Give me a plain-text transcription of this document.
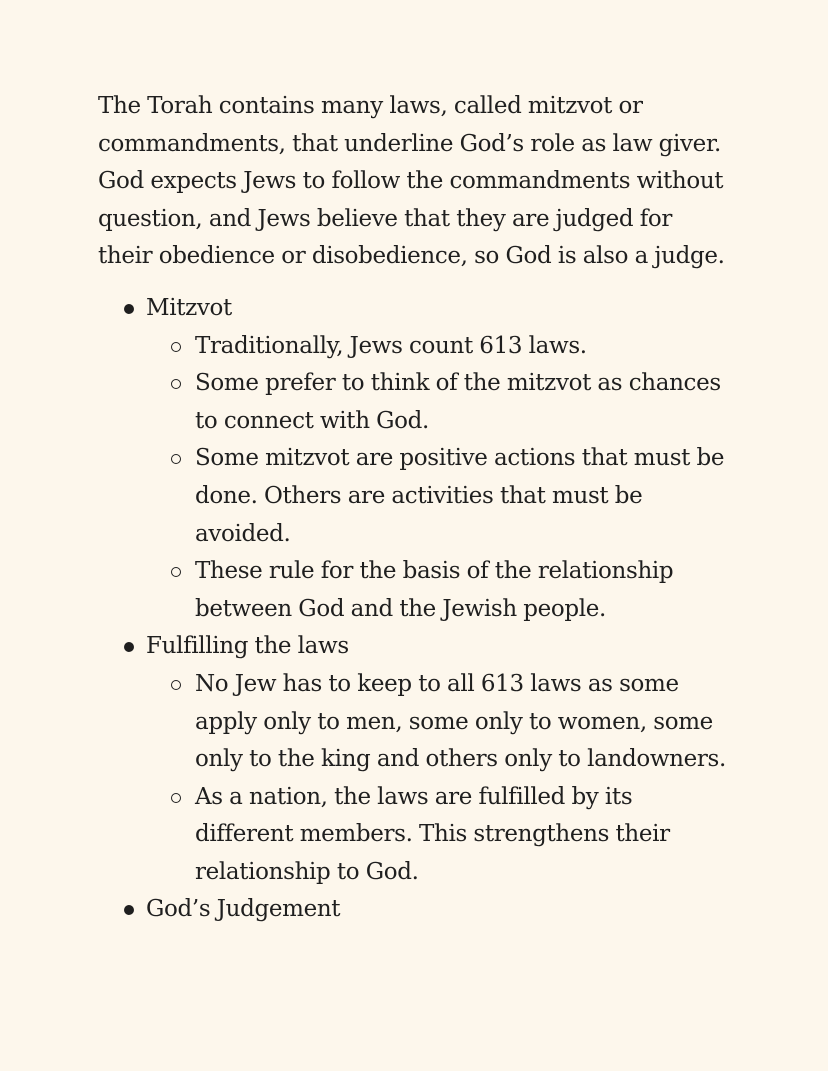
The Torah contains many laws, called mitzvot or commandments, that underline God’s role as law giver. God expects Jews to follow the commandments without question, and Jews believe that they are judged for their obedience or disobedience, so God is also a judge.

Mitzvot
Traditionally, Jews count 613 laws.
Some prefer to think of the mitzvot as chances to connect with God.
Some mitzvot are positive actions that must be done. Others are activities that must be avoided.
These rule for the basis of the relationship between God and the Jewish people.
Fulfilling the laws
No Jew has to keep to all 613 laws as some apply only to men, some only to women, some only to the king and others only to landowners.
As a nation, the laws are fulfilled by its different members. This strengthens their relationship to God.
God’s Judgement
